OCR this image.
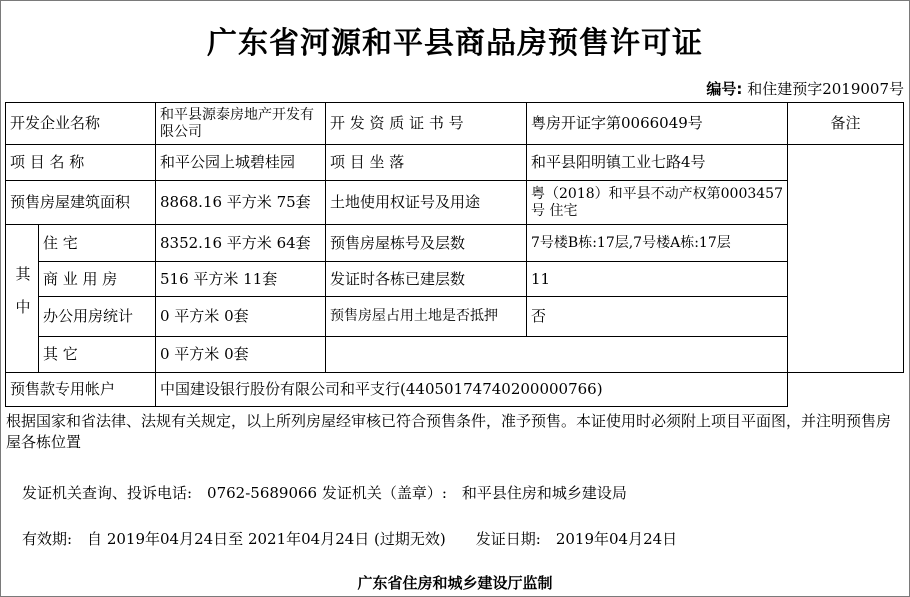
广东省河源和平县商品房预售许可证
编号: 和住建预字2019007号
开发企业名称	和平县源泰房地产开发有限公司	开 发 资 质 证 书 号	粤房开证字第0066049号	备注
项 目 名 称	和平公园上城碧桂园	项 目 坐 落	和平县阳明镇工业七路4号
预售房屋建筑面积	8868.16 平方米 75套	土地使用权证号及用途	粤（2018）和平县不动产权第0003457号 住宅
其中
住 宅	8352.16 平方米 64套	预售房屋栋号及层数	7号楼B栋:17层,7号楼A栋:17层
商 业 用 房	516 平方米 11套	发证时各栋已建层数	11
办公用房统计	0 平方米 0套	预售房屋占用土地是否抵押	否
其 它	0 平方米 0套
预售款专用帐户	中国建设银行股份有限公司和平支行(44050174740200000766)
根据国家和省法律、法规有关规定，以上所列房屋经审核已符合预售条件，准予预售。本证使用时必须附上项目平面图，并注明预售房屋各栋位置
发证机关查询、投诉电话:　0762-5689066 发证机关（盖章）:　和平县住房和城乡建设局
有效期:　自 2019年04月24日至 2021年04月24日 (过期无效)　　发证日期:　2019年04月24日
广东省住房和城乡建设厅监制
